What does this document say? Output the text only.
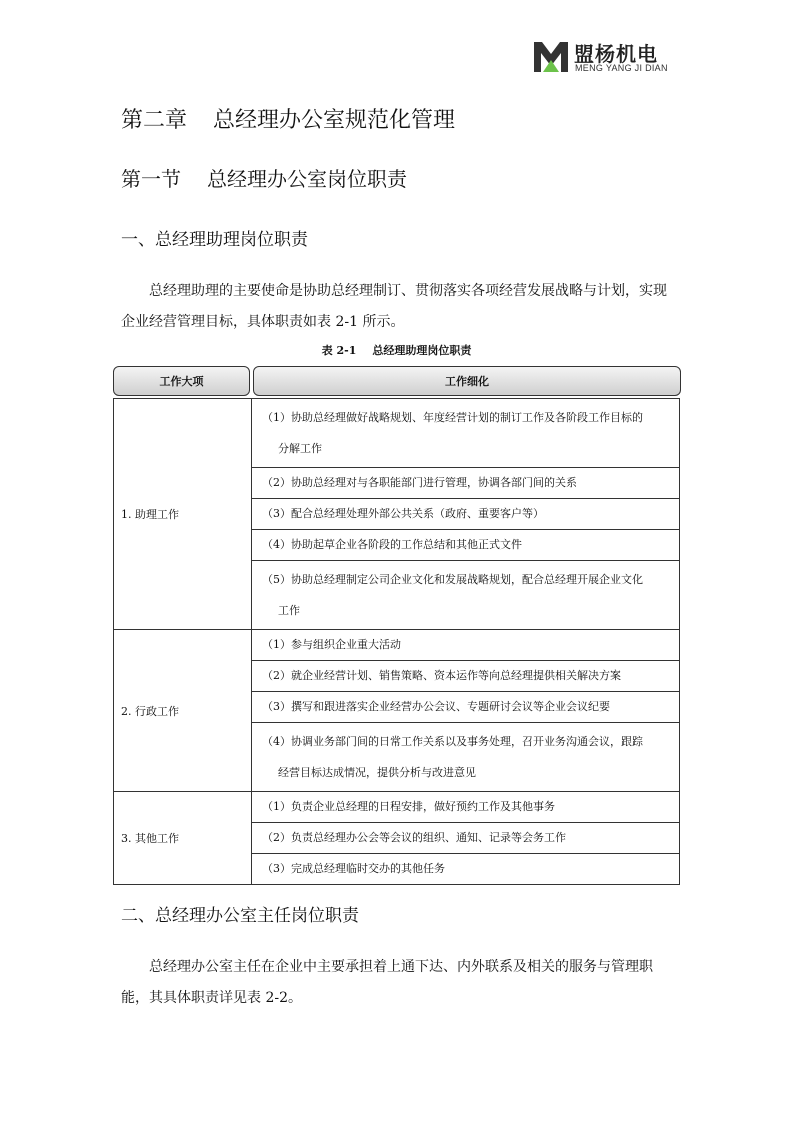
盟杨机电
MENG YANG JI DIAN
第二章 总经理办公室规范化管理
第一节 总经理办公室岗位职责
一、总经理助理岗位职责
总经理助理的主要使命是协助总经理制订、贯彻落实各项经营发展战略与计划，实现企业经营管理目标，具体职责如表 2-1 所示。
表 2-1 总经理助理岗位职责
工作大项	工作细化
1. 助理工作	（1）协助总经理做好战略规划、年度经营计划的制订工作及各阶段工作目标的
分解工作

	（2）协助总经理对与各职能部门进行管理，协调各部门间的关系
	（3）配合总经理处理外部公共关系（政府、重要客户等）
	（4）协助起草企业各阶段的工作总结和其他正式文件

	（5）协助总经理制定公司企业文化和发展战略规划，配合总经理开展企业文化
工作

2. 行政工作	（1）参与组织企业重大活动
	（2）就企业经营计划、销售策略、资本运作等向总经理提供相关解决方案
	（3）撰写和跟进落实企业经营办公会议、专题研讨会议等企业会议纪要

	（4）协调业务部门间的日常工作关系以及事务处理，召开业务沟通会议，跟踪
经营目标达成情况，提供分析与改进意见

3. 其他工作	（1）负责企业总经理的日程安排，做好预约工作及其他事务
	（2）负责总经理办公会等会议的组织、通知、记录等会务工作
	（3）完成总经理临时交办的其他任务
二、总经理办公室主任岗位职责
总经理办公室主任在企业中主要承担着上通下达、内外联系及相关的服务与管理职能，其具体职责详见表 2-2。
